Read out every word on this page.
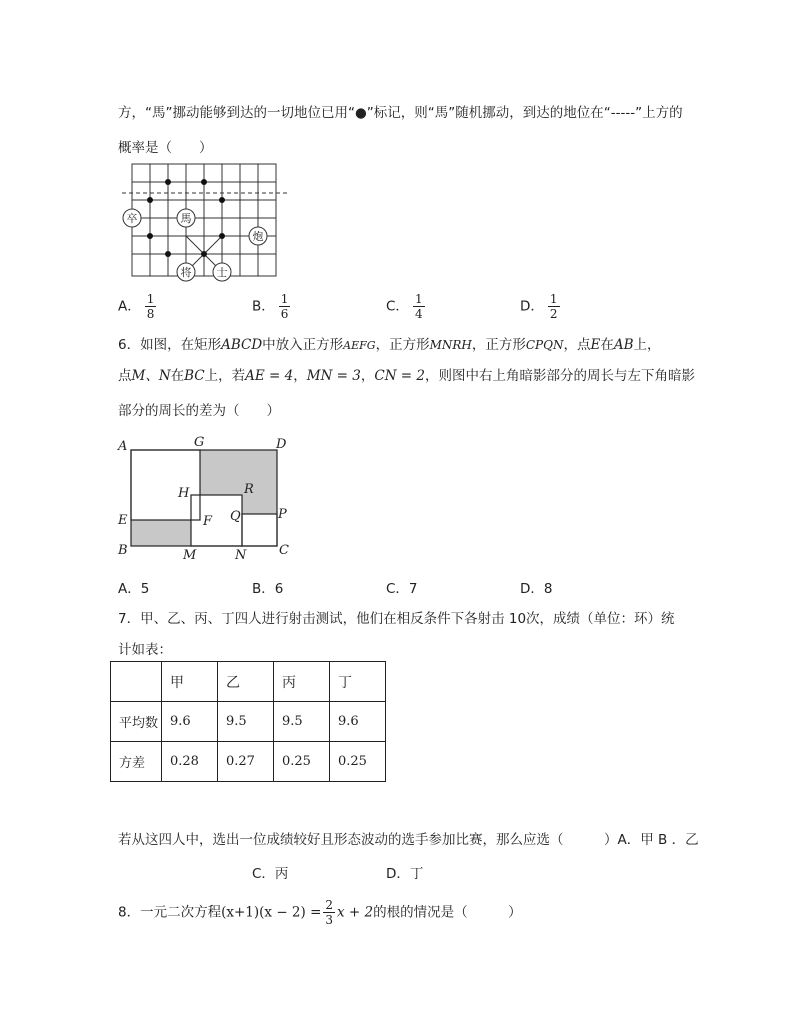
方，“馬”挪动能够到达的一切地位已用“●”标记，则“馬”随机挪动，到达的地位在“-----”上方的
概率是（　　）
卒	馬
炮
将 士
A． $\frac{1}{8}$	B． $\frac{1}{6}$	C． $\frac{1}{4}$	D． $\frac{1}{2}$
6．如图，在矩形ABCD中放入正方形AEFG，正方形MNRH，正方形CPQN，点E在AB上，
点M、N在BC上，若AE = 4，MN = 3，CN = 2，则图中右上角暗影部分的周长与左下角暗影
部分的周长的差为（　　）
A	G	D
H	R
E	F Q	P
B	M	N	C
A．5	B．6	C．7	D．8
7．甲、乙、丙、丁四人进行射击测试，他们在相反条件下各射击 10次，成绩（单位：环）统
计如表：
	甲	乙	丙	丁
平均数	9.6	9.5	9.5	9.6
方差	0.28	0.27	0.25	0.25
若从这四人中，选出一位成绩较好且形态波动的选手参加比赛，那么应选（　　　）A．甲 B ．乙
C．丙	D．丁
8．一元二次方程$(x+1)(x - 2) = \frac{2}{3}$ x + 2的根的情况是（　　　）
